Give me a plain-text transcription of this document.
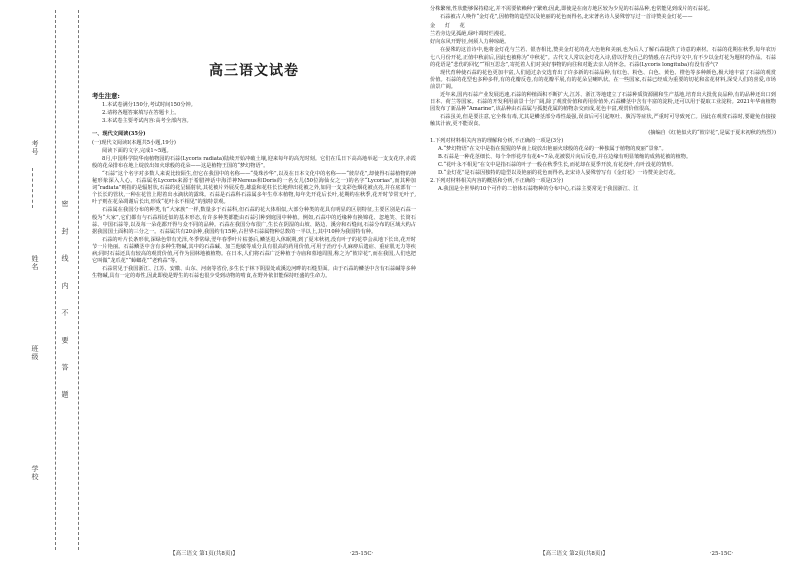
考号
姓名
班级
学校
密 封 线 内 不 要 答 题
高三语文试卷
考生注意:

1.本试卷满分150分,考试时间150分钟。

2.请将各题答案填写在答题卡上。

3.本试卷主要考试内容:高考全部内容。

一、现代文阅读(35分)

(一)现代文阅读Ⅰ(本题共5小题,19分)

阅读下面的文字,完成1~5题。

8月,中国科学院华南植物园的石蒜(Lycoris radiata)陆续开始冲破土壤,迎来每年的高光时刻。它们在瓜日下高高地举起一支支花序,赤霞般的花朵排布在地上绽放出如火球般的花朵——这是植物王国的“梦幻物语”。

“石蒜”这个名字对多数人来说比较陌生,但它在我国中的名称——“曼珠沙华”,以及在日本文化中的名称——“彼岸花”,却使得石蒜植物的神秘形象深入人心。石蒜属名Lycoris来源于希腊神话中海洋神Nereus和Doris的一名女儿(50位海仙女之一)的名字“Lycorias”,而其种加词“radiata”则指的是辐射状,石蒜的花呈辐射状,其花被片外展反卷,雄蕊和花柱长长地伸出花被之外,如同一支支彩色烟花被点亮,并在底部有一个长长的管状,一种在花管上附着出水滴状的露珠。石蒜是石蒜科石蒜属多年生草本植物,每年先开花后长叶,花期约在秋季,花开时节常无叶子,叶子则在花朵凋谢后长出,形成“花叶永不相见”的独特景观。

石蒜属在我国分布的种类,有“大家族”一样,数量多于石蒜科,但石蒜的花大体相似,大部分种类的花具有明显的区别特征,主要区别是石蒜一般为“大家”,它们都有与石蒜相近似的基本形态,有许多种类都能由石蒜引种到庭园中种植。例如,石蒜中的近缘种有换锦花、忽地笑、长筒石蒜、中国石蒜等,以及每一朵花都开得与众不同的品种。石蒜在我国分布很广,生长在阴湿的山坡、路边、溪旁和石缝间,石蒜分布的区域大约占据我国国土面积的三分之一。石蒜属共有20余种,我国约有15种,占世界石蒜属物种总数的一半以上,其中10种为我国特有种。

石蒜的叶片长条形状,深绿色带有光泽,冬季常绿,翌年春季叶片枯萎后,鳞茎进入休眠期,到了夏末秋初,没有叶子的花葶会从地下长出,花开时节一片艳丽。石蒜鳞茎中含有多种生物碱,其中的石蒜碱、加兰他敏等成分具有很高的药用价值,可用于治疗小儿麻痹后遗症、重症肌无力等疾病;同时石蒜还具有较高的观赏价值,可作为园林地被植物。在日本,人们将石蒜广泛种植于寺庙和墓地周围,称之为“彼岸花”,而在我国,人们也把它叫做“龙爪花”“蟑螂花”“老鸦蒜”等。

石蒜常见于我国浙江、江苏、安徽、山东、河南等省份,多生长于林下阴湿处或溪边河畔的石缝里面。由于石蒜的鳞茎中含有石蒜碱等多种生物碱,具有一定的毒性,因此即使是野生的石蒜也很少受到动物的啃食,在野外依旧能保持旺盛的生命力。

【高三语文 第1页(共8页)】	·25-15C·

分株繁殖,性状能够保持稳定,并不需要依赖种子繁殖;因此,即使是在南方地区较为少见的石蒜品种,也常能见到成片的石蒜花。

石蒜被古人唤作“金灯花”,因植物的造型以及艳丽的花色而得名,北宋著名诗人晏殊曾写过一首诗赞美金灯花——

金 灯 花

兰若旁边见孤葩,绿叶凋时烂漫花。

好向东风开野径,何须人力种琼葩。

在晏殊的这首诗中,他将金灯花与兰若、银杏相比,赞美金灯花的花大色艳和美丽,也为后人了解石蒜提供了诗意的素材。石蒜的花期在秋季,每年农历七八月份开花,正值中秋前后,因此也被称为“中秋花”。古代文人常以金灯花入诗,借以抒发自己的情感,在古代诗文中,有不少以金灯花为题材的作品。石蒜的花语是“悲伤的回忆”“相互思念”,寄托着人们对美好事物的向往和对逝去亲人的怀念。石蒜(Lycoris longituba)有没有香气?

现代育种使石蒜的花色更加丰富,人们通过杂交选育出了许多新的石蒜品种,有红色、粉色、白色、黄色、橙色等多种颜色,极大地丰富了石蒜的观赏价值。石蒜的花型也多种多样,有的花瓣反卷,有的花瓣平展,有的花朵呈喇叭状。在一些国家,石蒜已经成为重要的切花和盆花材料,深受人们的喜爱,市场前景广阔。

近年来,国内石蒜产业发展迅速,石蒜的种植面积不断扩大,江苏、浙江等地建立了石蒜种质资源圃和生产基地,培育出大批优良品种,有的品种还出口到日本、荷兰等国家。石蒜的开发利用前景十分广阔,除了观赏价值和药用价值外,石蒜鳞茎中含有丰富的淀粉,还可以用于提取工业淀粉。2021年华南植物园发布了新品种“Amarine”,该品种由石蒜属与孤挺花属的植物杂交而成,花色丰富,观赏价值很高。

石蒜虽美,但是要注意,它全株有毒,尤其是鳞茎部分毒性最强,误食后可引起呕吐、腹泻等症状,严重时可导致死亡。因此在观赏石蒜时,要避免直接接触其汁液,更不能误食。

(摘编自《红艳似火的“彼岸花”,是属于夏末初秋的热烈》)

1.下列对材料相关内容的理解和分析,不正确的一项是(3分)

A.“梦幻物语”在文中是指在猩猩的华南上绽放出艳丽火球般的花朵的一种独属于植物的度丽“景象”。

B.石蒜是一种花茎细长、每个伞形花序有花4~7朵,花被裂片向后反卷,并在边缘有明显皱缩的成熟花被的植物。

C.“花叶永不相见”在文中是指石蒜的叶子一般在秋季生长,而花却在夏季开放,有花没叶,有叶没花的情形。

D.“金灯花”是石蒜因独特的造型以及艳丽的花色而得名,北宋诗人晏殊曾写有《金灯花》一诗赞美金灯花。

2.下列对材料相关内容的概括和分析,不正确的一项是(3分)

A.我国是全世界约10个可作的二倍体石蒜物种的分布中心,石蒜主要常见于我国浙江、江

【高三语文 第2页(共8页)】	·25-15C·
